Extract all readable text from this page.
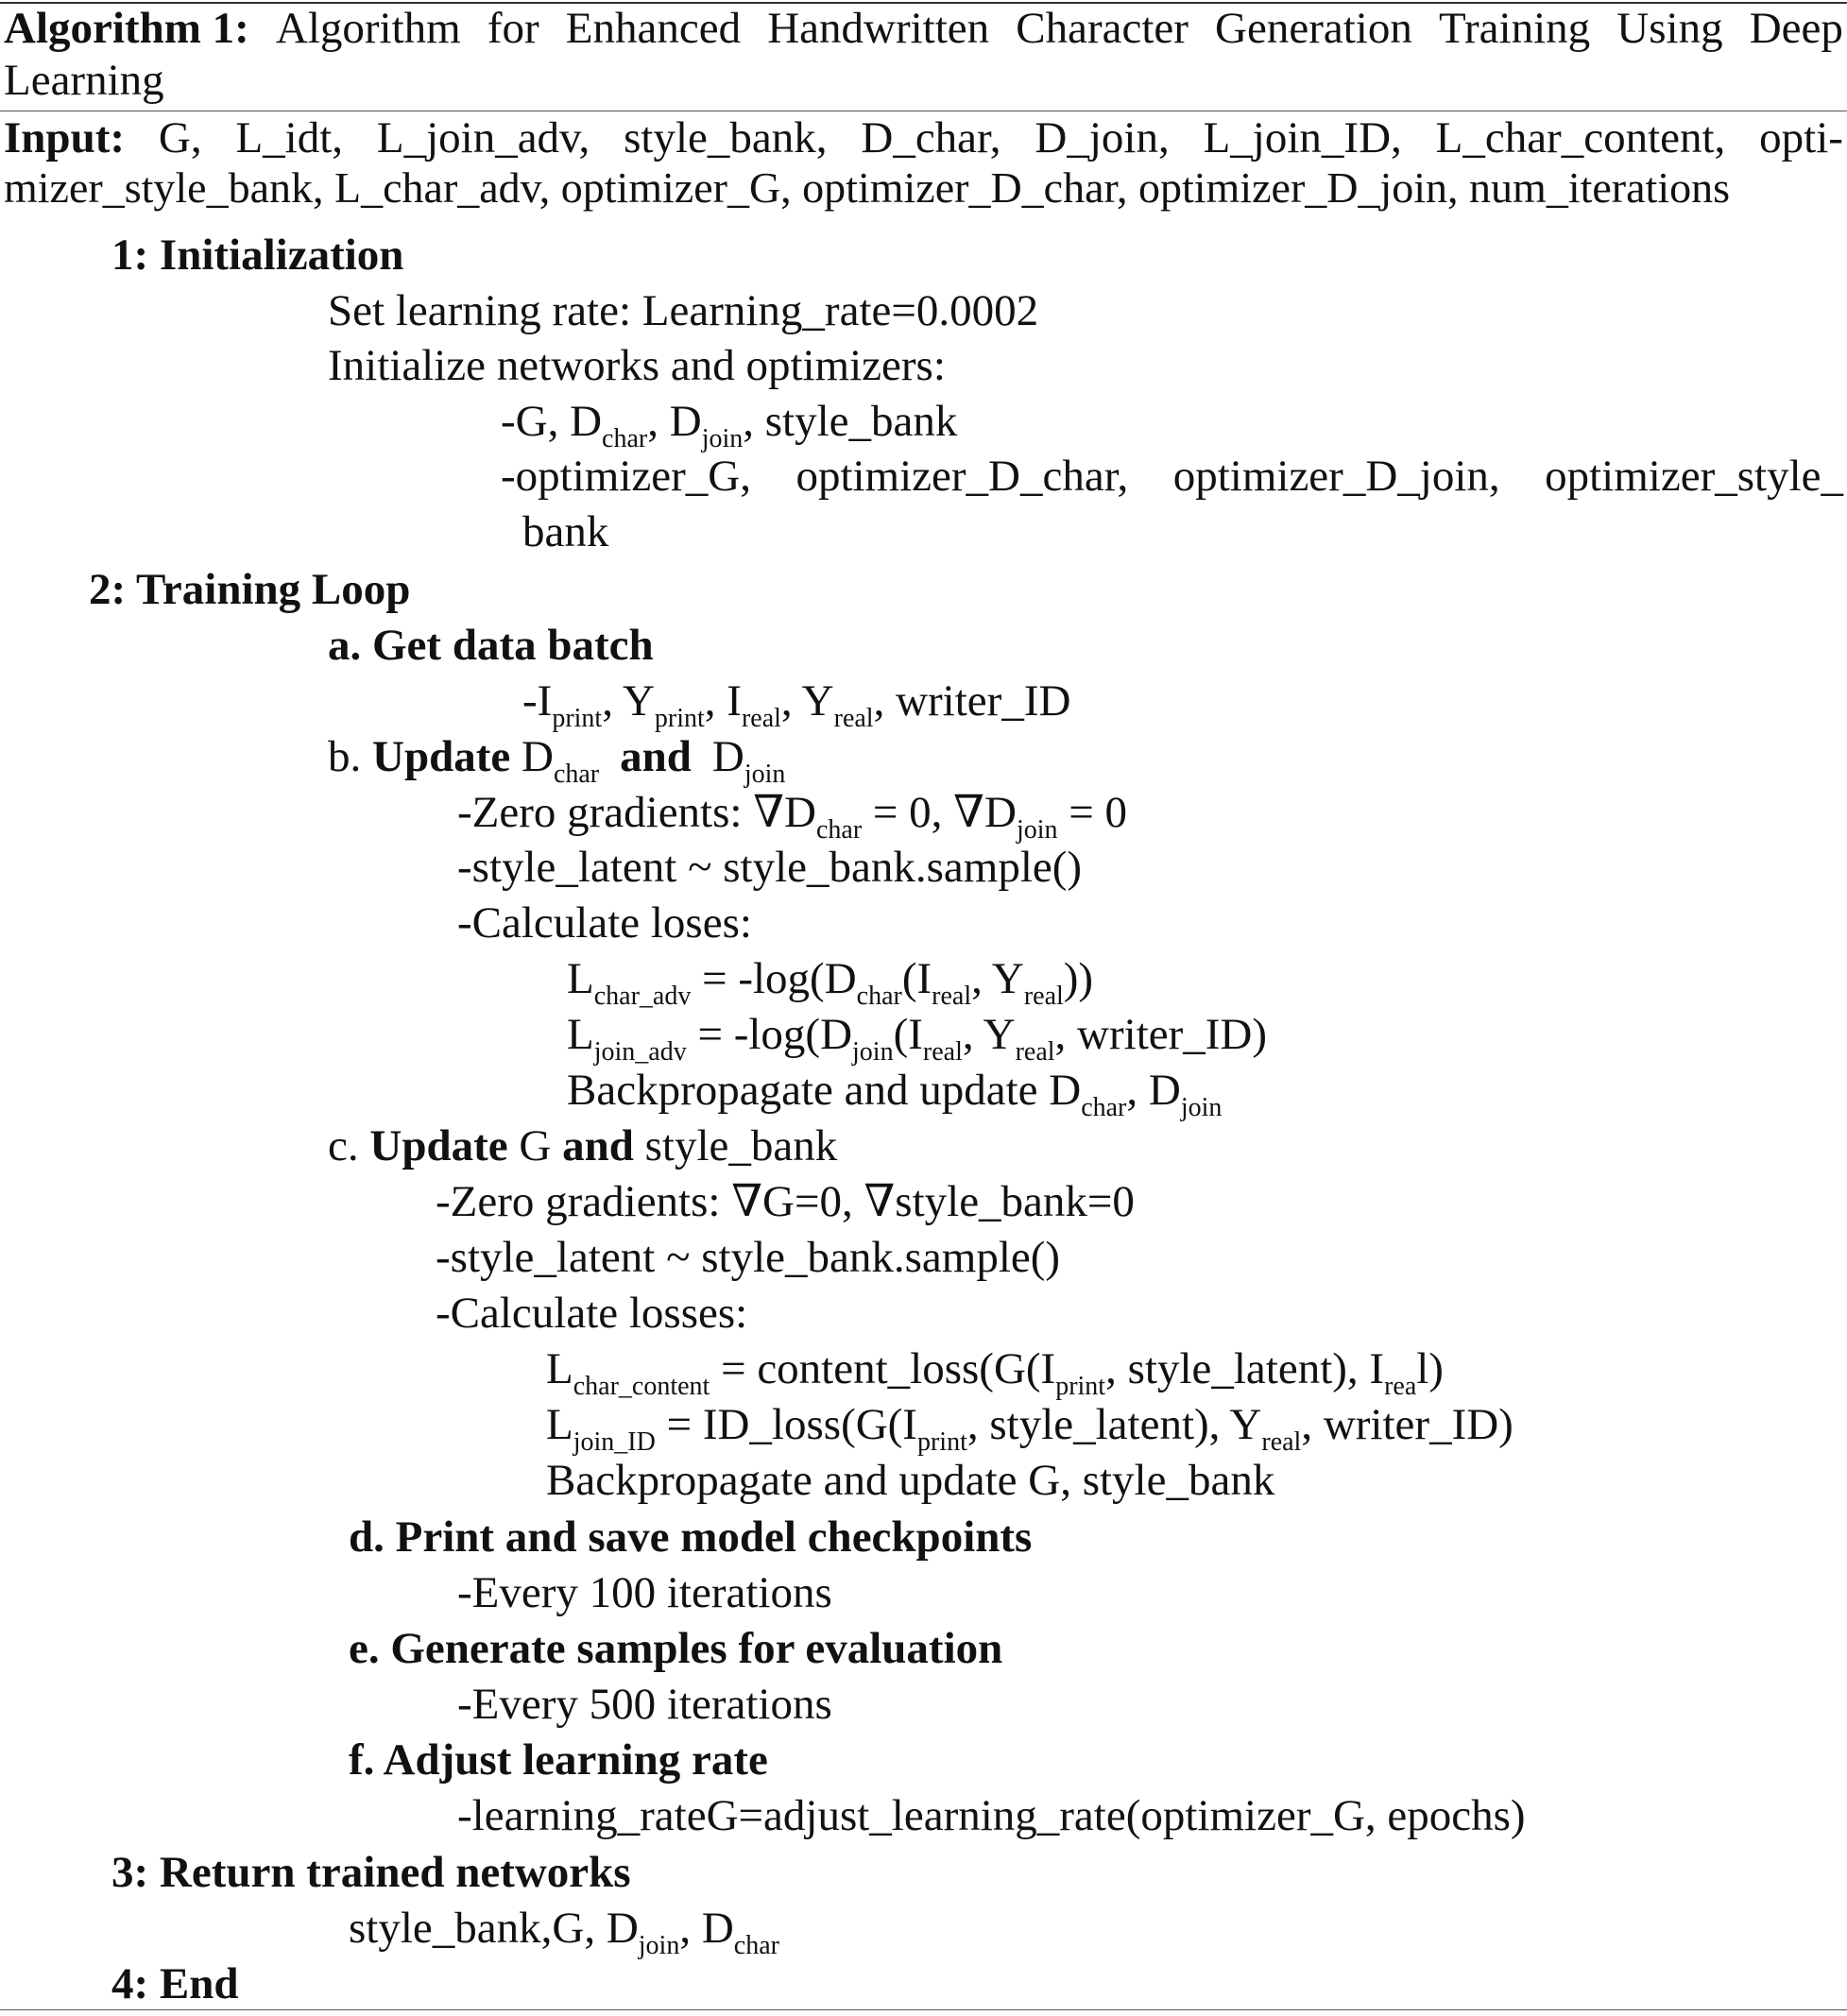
Algorithm 1: Algorithm for Enhanced Handwritten Character Generation Training Using Deep
Learning
Input: G, L_idt, L_join_adv, style_bank, D_char, D_join, L_join_ID, L_char_content, opti-
mizer_style_bank, L_char_adv, optimizer_G, optimizer_D_char, optimizer_D_join, num_iterations
1: Initialization
Set learning rate: Learning_rate=0.0002
Initialize networks and optimizers:
-G, $D_{char}$, $D_{join}$, style_bank
-optimizer_G, optimizer_D_char, optimizer_D_join, optimizer_style_
bank
2: Training Loop
a. Get data batch
$-I_{print}$, $Y_{print}$, $I_{real}$, $Y_{real}$, writer_ID
b. Update $D_{char}$ and $D_{join}$
-Zero gradients: $\nabla D_{char} = 0$, $\nabla D_{join} = 0$
-style_latent ~ style_bank.sample()
-Calculate loses:
$L_{char\_adv} = -\log(D_{char}(I_{real}$, $Y_{real}$))
$L_{join\_adv} = -\log(D_{join}(I_{real}$, $Y_{real}$, writer_ID)
Backpropagate and update $D_{char}$, $D_{join}$
c. Update G and style_bank
-Zero gradients: ∇G=0, ∇style_bank=0
-style_latent ~ style_bank.sample()
-Calculate losses:
$L_{char\_content}$ = $content\_loss(G(I_{print}$, style_latent), $I_{rea}l$)
$L_{join\_ID}$ = $ID\_loss(G(I_{print}$, style_latent), $Y_{real}$, writer_ID)
Backpropagate and update G, style_bank
d. Print and save model checkpoints
-Every 100 iterations
e. Generate samples for evaluation
-Every 500 iterations
f. Adjust learning rate
-learning_rateG=adjust_learning_rate(optimizer_G, epochs)
3: Return trained networks
style_bank,G, $D_{join}$, $D_{char}$
4: End
